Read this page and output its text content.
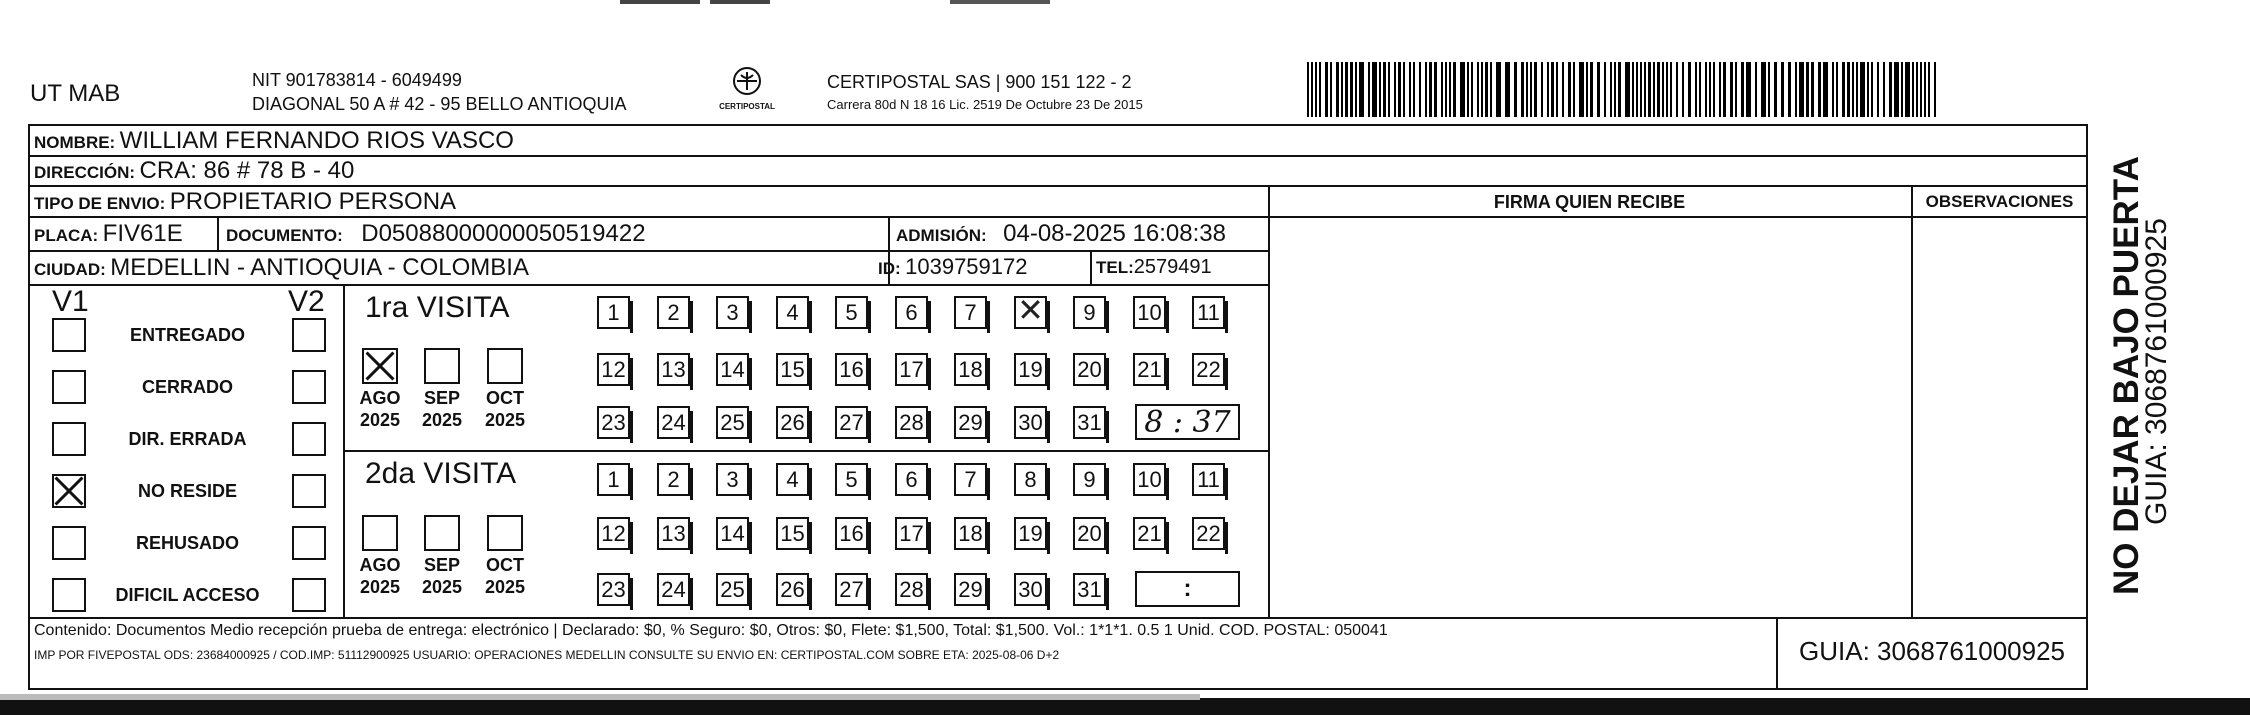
UT MAB	NIT 901783814 - 6049499
DIAGONAL 50 A # 42 - 95 BELLO ANTIOQUIA	CERTIPOSTAL
CERTIPOSTAL SAS | 900 151 122 - 2
Carrera 80d N 18 16 Lic. 2519 De Octubre 23 De 2015
NOMBRE: WILLIAM FERNANDO RIOS VASCO
DIRECCIÓN: CRA: 86 # 78 B - 40
TIPO DE ENVIO: PROPIETARIO PERSONA	FIRMA QUIEN RECIBE	OBSERVACIONES
PLACA: FIV61E	DOCUMENTO: D05088000000050519422	ADMISIÓN: 04-08-2025 16:08:38
CIUDAD: MEDELLIN - ANTIOQUIA - COLOMBIA	ID: 1039759172	TEL:2579491
V1	V2
ENTREGADO
CERRADO
DIR. ERRADA
NO RESIDE
REHUSADO
DIFICIL ACCESO
1ra VISITA
AGO
2025
SEP
2025
OCT
2025
1	2	3	4	5	6	7
✕	9	10 11
12 13 14 15 16 17 18 19 20 21 22
23 24 25 26 27 28 29 30 31 8 : 37
2da VISITA
AGO
2025
SEP
2025
OCT
2025
1	2	3	4	5	6	7	8	9	10 11
12 13 14 15 16 17 18 19 20 21 22
23 24 25 26 27 28 29 30 31	:
Contenido: Documentos Medio recepción prueba de entrega: electrónico | Declarado: $0, % Seguro: $0, Otros: $0, Flete: $1,500, Total: $1,500. Vol.: 1*1*1. 0.5 1 Unid. COD. POSTAL: 050041
IMP POR FIVEPOSTAL ODS: 23684000925 / COD.IMP: 51112900925 USUARIO: OPERACIONES MEDELLIN CONSULTE SU ENVIO EN: CERTIPOSTAL.COM SOBRE ETA: 2025-08-06 D+2	GUIA: 3068761000925
NO DEJAR BAJO PUERTA
GUIA: 3068761000925
